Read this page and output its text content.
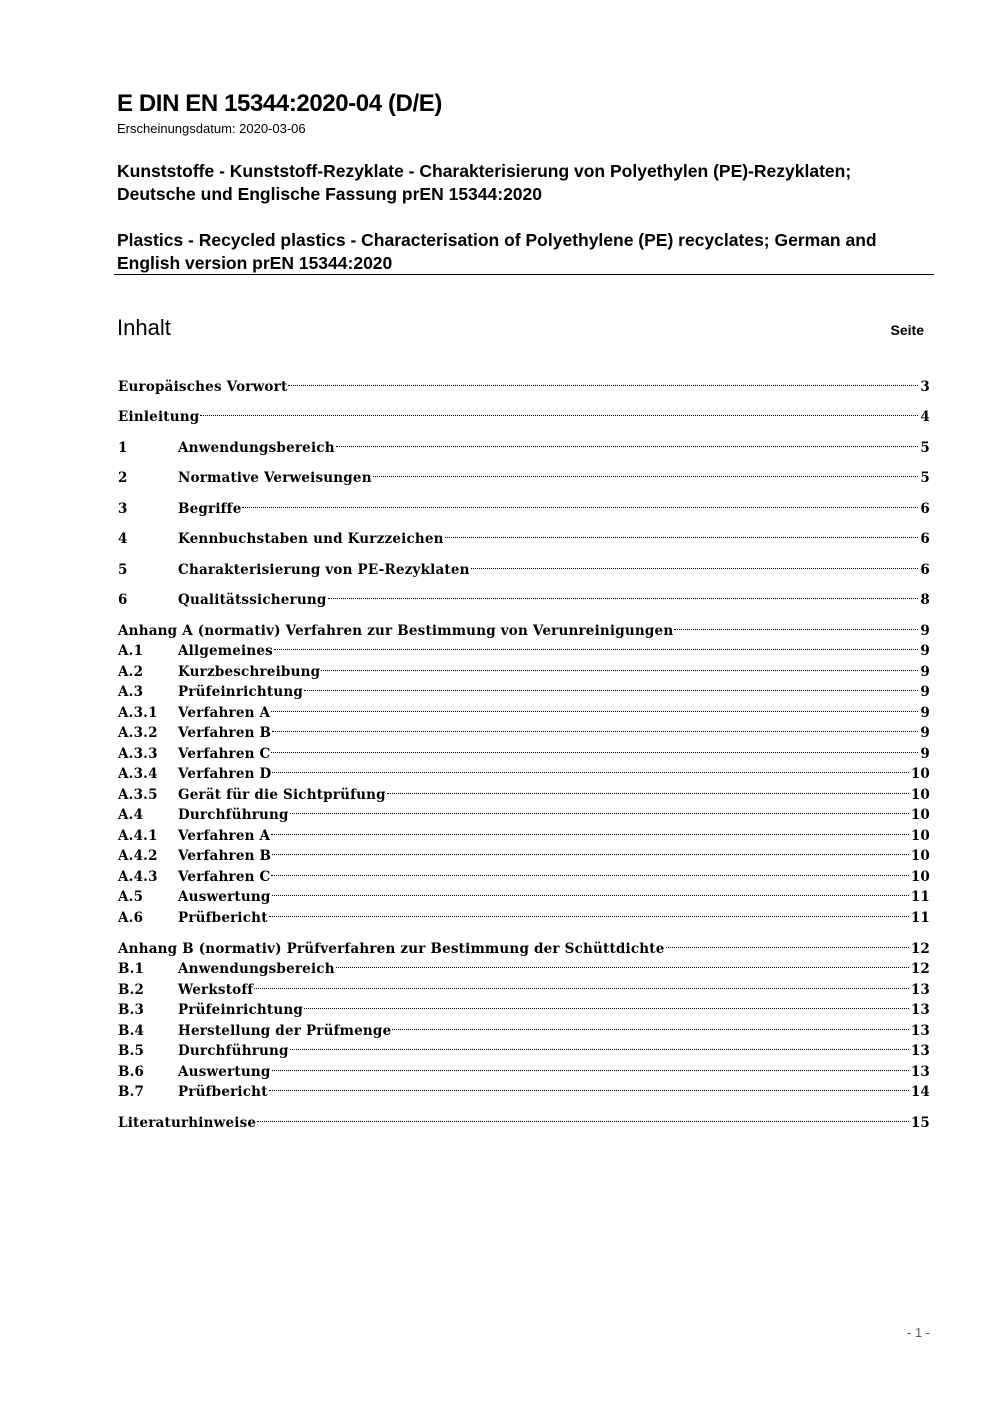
E DIN EN 15344:2020-04 (D/E)
Erscheinungsdatum: 2020-03-06
Kunststoffe - Kunststoff-Rezyklate - Charakterisierung von Polyethylen (PE)-Rezyklaten; Deutsche und Englische Fassung prEN 15344:2020
Plastics - Recycled plastics - Characterisation of Polyethylene (PE) recyclates; German and English version prEN 15344:2020
Inhalt	Seite
Europäisches Vorwort	3
Einleitung	4
1	Anwendungsbereich	5
2	Normative Verweisungen	5
3	Begriffe	6
4	Kennbuchstaben und Kurzzeichen	6
5	Charakterisierung von PE-Rezyklaten	6
6	Qualitätssicherung	8
Anhang A (normativ) Verfahren zur Bestimmung von Verunreinigungen	9
A.1	Allgemeines	9
A.2	Kurzbeschreibung	9
A.3	Prüfeinrichtung	9
A.3.1	Verfahren A	9
A.3.2	Verfahren B	9
A.3.3	Verfahren C	9
A.3.4	Verfahren D	10
A.3.5	Gerät für die Sichtprüfung	10
A.4	Durchführung	10
A.4.1	Verfahren A	10
A.4.2	Verfahren B	10
A.4.3	Verfahren C	10
A.5	Auswertung	11
A.6	Prüfbericht	11
Anhang B (normativ) Prüfverfahren zur Bestimmung der Schüttdichte	12
B.1	Anwendungsbereich	12
B.2	Werkstoff	13
B.3	Prüfeinrichtung	13
B.4	Herstellung der Prüfmenge	13
B.5	Durchführung	13
B.6	Auswertung	13
B.7	Prüfbericht	14
Literaturhinweise	15
- 1 -
